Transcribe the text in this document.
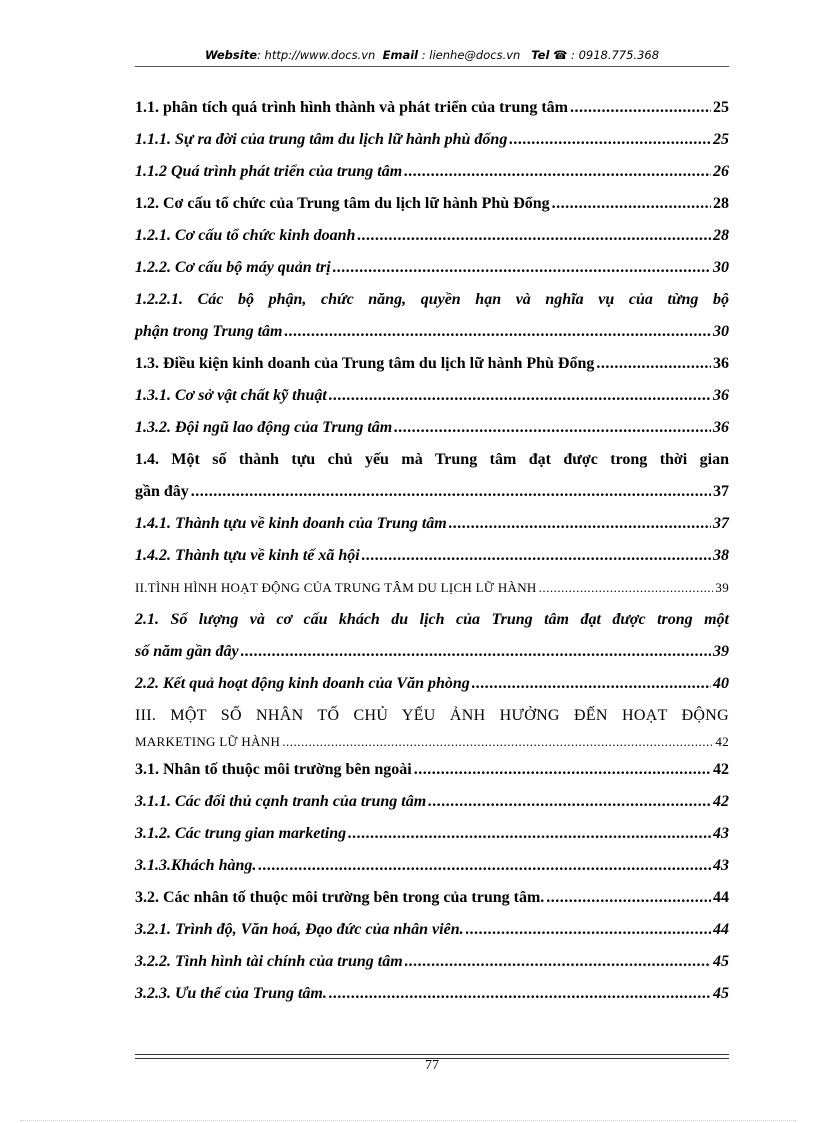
Website: http://www.docs.vn Email : lienhe@docs.vn Tel ☎ : 0918.775.368
1.1. phân tích quá trình hình thành và phát triển của trung tâm .....	25
1.1.1. Sự ra đời của trung tâm du lịch lữ hành phù đổng .....	25
1.1.2 Quá trình phát triển của trung tâm .....	26
1.2. Cơ cấu tổ chức của Trung tâm du lịch lữ hành Phù Đổng .....	28
1.2.1. Cơ cấu tổ chức kinh doanh .....	28
1.2.2. Cơ cấu bộ máy quản trị .....	30
1.2.2.1. Các bộ phận, chức năng, quyền hạn và nghĩa vụ của từng bộ
phận trong Trung tâm .....	30
1.3. Điều kiện kinh doanh của Trung tâm du lịch lữ hành Phù Đổng .....	36
1.3.1. Cơ sở vật chất kỹ thuật .....	36
1.3.2. Đội ngũ lao động của Trung tâm .....	36
1.4. Một số thành tựu chủ yếu mà Trung tâm đạt được trong thời gian
gần đây .....	37
1.4.1. Thành tựu về kinh doanh của Trung tâm .....	37
1.4.2. Thành tựu về kinh tế xã hội .....	38
II.TÌNH HÌNH HOẠT ĐỘNG CỦA TRUNG TÂM DU LỊCH LỮ HÀNH .....	39
2.1. Số lượng và cơ cấu khách du lịch của Trung tâm đạt được trong một
số năm gần đây .....	39
2.2. Kết quả hoạt động kinh doanh của Văn phòng .....	40
III. MỘT SỐ NHÂN TỐ CHỦ YẾU ẢNH HƯỞNG ĐẾN HOẠT ĐỘNG
MARKETING LỮ HÀNH .....	42
3.1. Nhân tố thuộc môi trường bên ngoài .....	42
3.1.1. Các đối thủ cạnh tranh của trung tâm .....	42
3.1.2. Các trung gian marketing .....	43
3.1.3.Khách hàng. .....	43
3.2. Các nhân tố thuộc môi trường bên trong của trung tâm. .....	44
3.2.1. Trình độ, Văn hoá, Đạo đức của nhân viên. .....	44
3.2.2. Tình hình tài chính của trung tâm .....	45
3.2.3. Ưu thế của Trung tâm. .....	45
77
